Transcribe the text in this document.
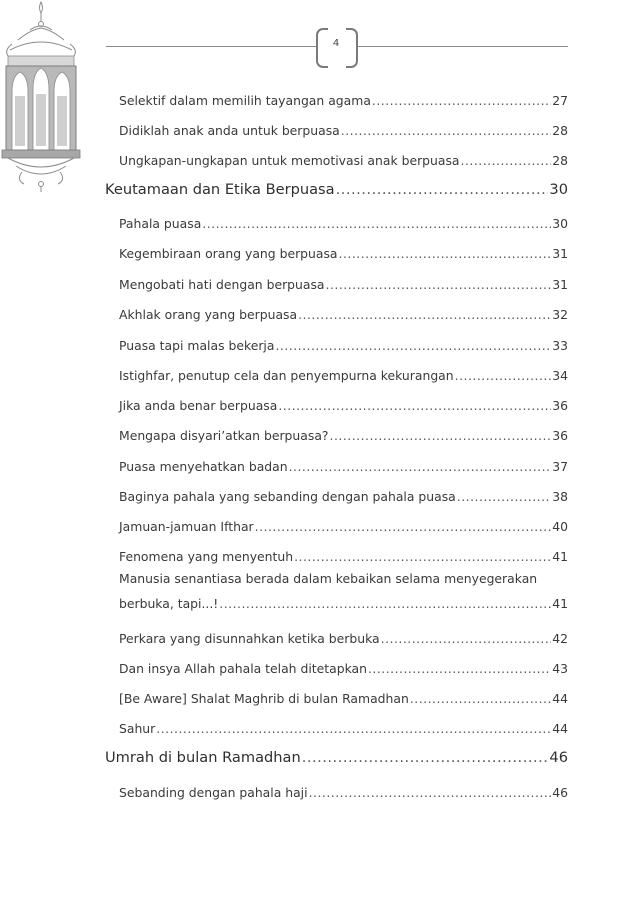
4
Selektif dalam memilih tayangan agama .....	27
Didiklah anak anda untuk berpuasa .....	28
Ungkapan-ungkapan untuk memotivasi anak berpuasa .....	28
Keutamaan dan Etika Berpuasa .....	30
Pahala puasa .....	30
Kegembiraan orang yang berpuasa .....	31
Mengobati hati dengan berpuasa .....	31
Akhlak orang yang berpuasa .....	32
Puasa tapi malas bekerja .....	33
Istighfar, penutup cela dan penyempurna kekurangan .....	34
Jika anda benar berpuasa .....	36
Mengapa disyari’atkan berpuasa? .....	36
Puasa menyehatkan badan .....	37
Baginya pahala yang sebanding dengan pahala puasa .....	38
Jamuan-jamuan Ifthar .....	40
Fenomena yang menyentuh .....	41
Manusia senantiasa berada dalam kebaikan selama menyegerakan
berbuka, tapi...! .....	41
Perkara yang disunnahkan ketika berbuka .....	42
Dan insya Allah pahala telah ditetapkan .....	43
[Be Aware] Shalat Maghrib di bulan Ramadhan .....	44
Sahur .....	44
Umrah di bulan Ramadhan .....	46
Sebanding dengan pahala haji .....	46
